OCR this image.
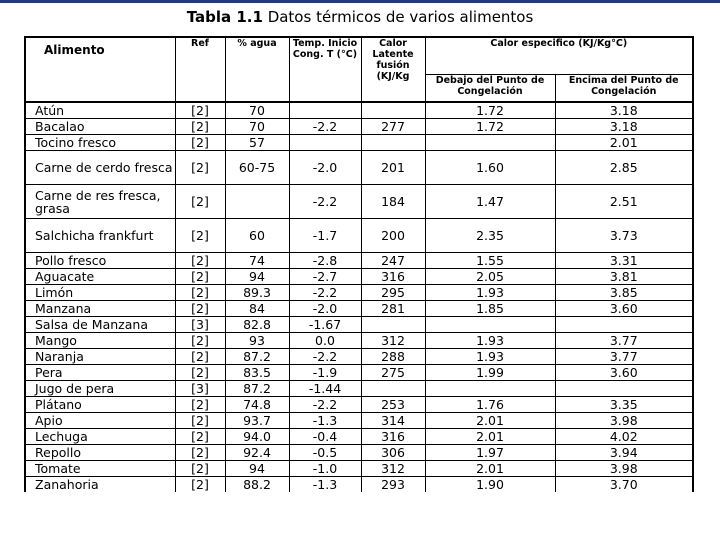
Tabla 1.1 Datos térmicos de varios alimentos
Alimento	Ref	% agua	Temp. Inicio Cong. T (°C)	Calor Latente fusión (KJ/Kg	Calor especifico (KJ/Kg°C)	
					Debajo del Punto de Congelación	Encima del Punto de Congelación
Atún	[2]	70			1.72	3.18
Bacalao	[2]	70	-2.2	277	1.72	3.18
Tocino fresco	[2]	57				2.01
Carne de cerdo fresca	[2]	60-75	-2.0	201	1.60	2.85
Carne de res fresca, grasa	[2]		-2.2	184	1.47	2.51
Salchicha frankfurt	[2]	60	-1.7	200	2.35	3.73
Pollo fresco	[2]	74	-2.8	247	1.55	3.31
Aguacate	[2]	94	-2.7	316	2.05	3.81
Limón	[2]	89.3	-2.2	295	1.93	3.85
Manzana	[2]	84	-2.0	281	1.85	3.60
Salsa de Manzana	[3]	82.8	-1.67			
Mango	[2]	93	0.0	312	1.93	3.77
Naranja	[2]	87.2	-2.2	288	1.93	3.77
Pera	[2]	83.5	-1.9	275	1.99	3.60
Jugo de pera	[3]	87.2	-1.44			
Plátano	[2]	74.8	-2.2	253	1.76	3.35
Apio	[2]	93.7	-1.3	314	2.01	3.98
Lechuga	[2]	94.0	-0.4	316	2.01	4.02
Repollo	[2]	92.4	-0.5	306	1.97	3.94
Tomate	[2]	94	-1.0	312	2.01	3.98
Zanahoria	[2]	88.2	-1.3	293	1.90	3.70
